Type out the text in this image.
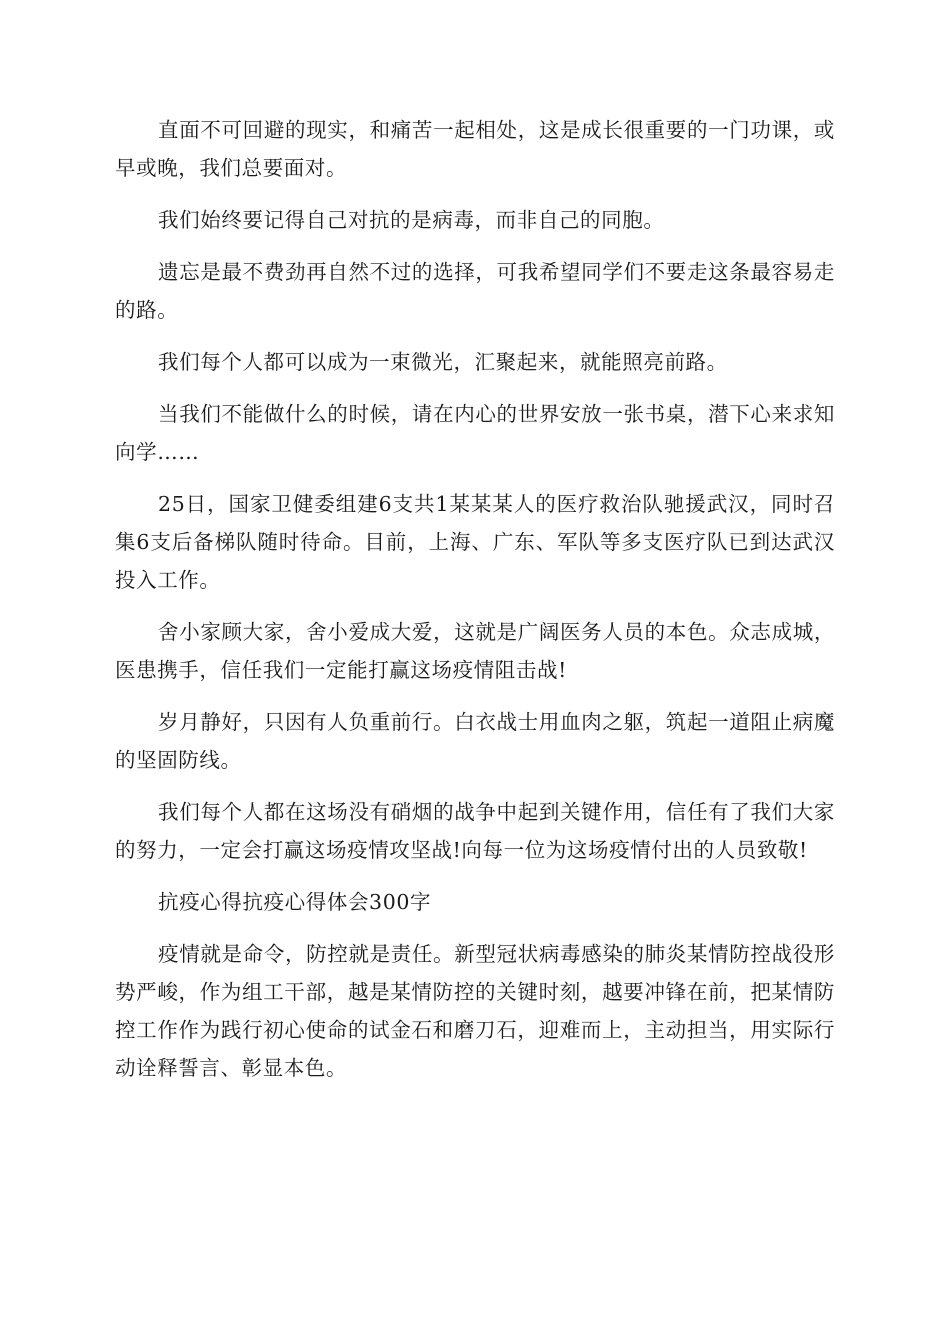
直面不可回避的现实，和痛苦一起相处，这是成长很重要的一门功课，或早或晚，我们总要面对。

我们始终要记得自己对抗的是病毒，而非自己的同胞。

遗忘是最不费劲再自然不过的选择，可我希望同学们不要走这条最容易走的路。

我们每个人都可以成为一束微光，汇聚起来，就能照亮前路。

当我们不能做什么的时候，请在内心的世界安放一张书桌，潜下心来求知向学……

25日，国家卫健委组建6支共1某某某人的医疗救治队驰援武汉，同时召集6支后备梯队随时待命。目前，上海、广东、军队等多支医疗队已到达武汉投入工作。

舍小家顾大家，舍小爱成大爱，这就是广阔医务人员的本色。众志成城，医患携手，信任我们一定能打赢这场疫情阻击战!

岁月静好，只因有人负重前行。白衣战士用血肉之躯，筑起一道阻止病魔的坚固防线。

我们每个人都在这场没有硝烟的战争中起到关键作用，信任有了我们大家的努力，一定会打赢这场疫情攻坚战!向每一位为这场疫情付出的人员致敬!

抗疫心得抗疫心得体会300字

疫情就是命令，防控就是责任。新型冠状病毒感染的肺炎某情防控战役形势严峻，作为组工干部，越是某情防控的关键时刻，越要冲锋在前，把某情防控工作作为践行初心使命的试金石和磨刀石，迎难而上，主动担当，用实际行动诠释誓言、彰显本色。
